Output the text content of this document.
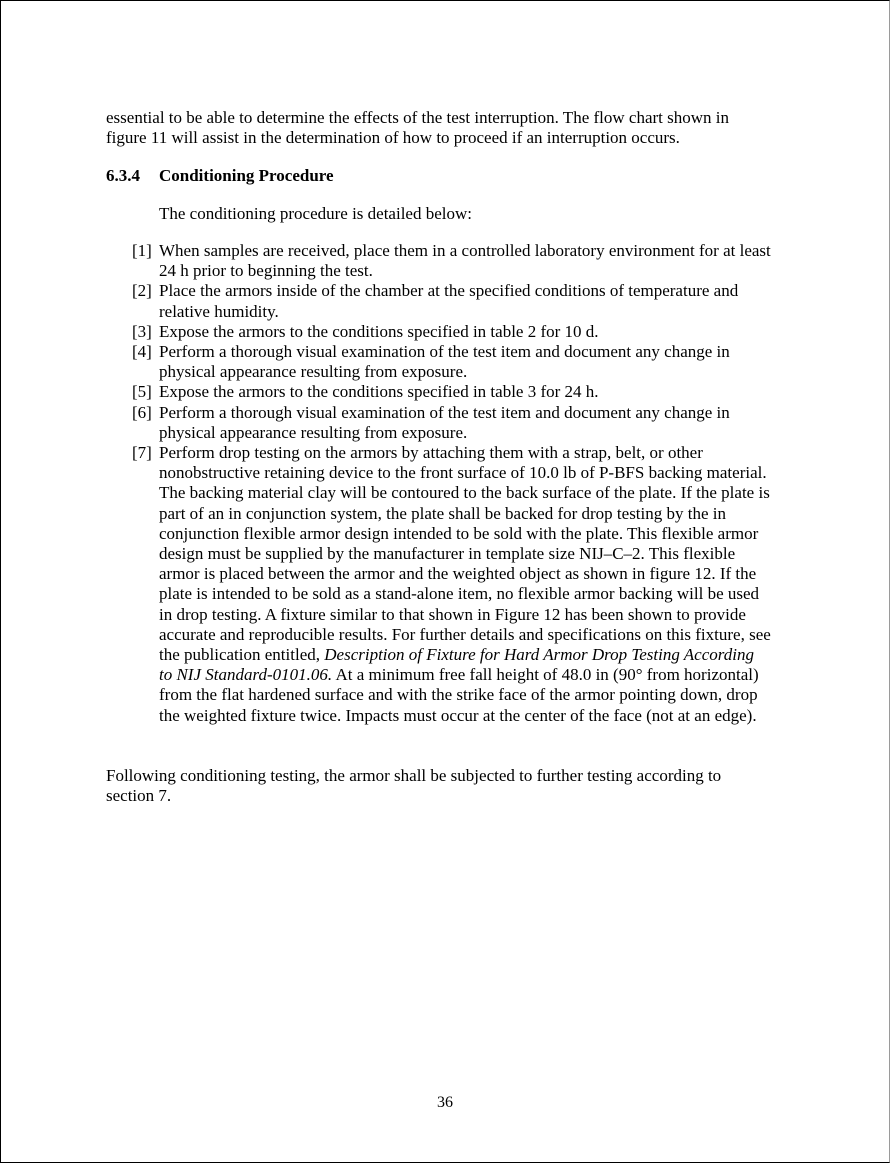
essential to be able to determine the effects of the test interruption. The flow chart shown in
figure 11 will assist in the determination of how to proceed if an interruption occurs.
6.3.4 Conditioning Procedure
The conditioning procedure is detailed below:
[1] When samples are received, place them in a controlled laboratory environment for at least
24 h prior to beginning the test.
[2] Place the armors inside of the chamber at the specified conditions of temperature and
relative humidity.
[3] Expose the armors to the conditions specified in table 2 for 10 d.
[4] Perform a thorough visual examination of the test item and document any change in
physical appearance resulting from exposure.
[5] Expose the armors to the conditions specified in table 3 for 24 h.
[6] Perform a thorough visual examination of the test item and document any change in
physical appearance resulting from exposure.
[7] Perform drop testing on the armors by attaching them with a strap, belt, or other
nonobstructive retaining device to the front surface of 10.0 lb of P-BFS backing material.
The backing material clay will be contoured to the back surface of the plate. If the plate is
part of an in conjunction system, the plate shall be backed for drop testing by the in
conjunction flexible armor design intended to be sold with the plate. This flexible armor
design must be supplied by the manufacturer in template size NIJ–C–2. This flexible
armor is placed between the armor and the weighted object as shown in figure 12. If the
plate is intended to be sold as a stand-alone item, no flexible armor backing will be used
in drop testing. A fixture similar to that shown in Figure 12 has been shown to provide
accurate and reproducible results. For further details and specifications on this fixture, see
the publication entitled, Description of Fixture for Hard Armor Drop Testing According
to NIJ Standard-0101.06. At a minimum free fall height of 48.0 in (90° from horizontal)
from the flat hardened surface and with the strike face of the armor pointing down, drop
the weighted fixture twice. Impacts must occur at the center of the face (not at an edge).
Following conditioning testing, the armor shall be subjected to further testing according to
section 7.
36
